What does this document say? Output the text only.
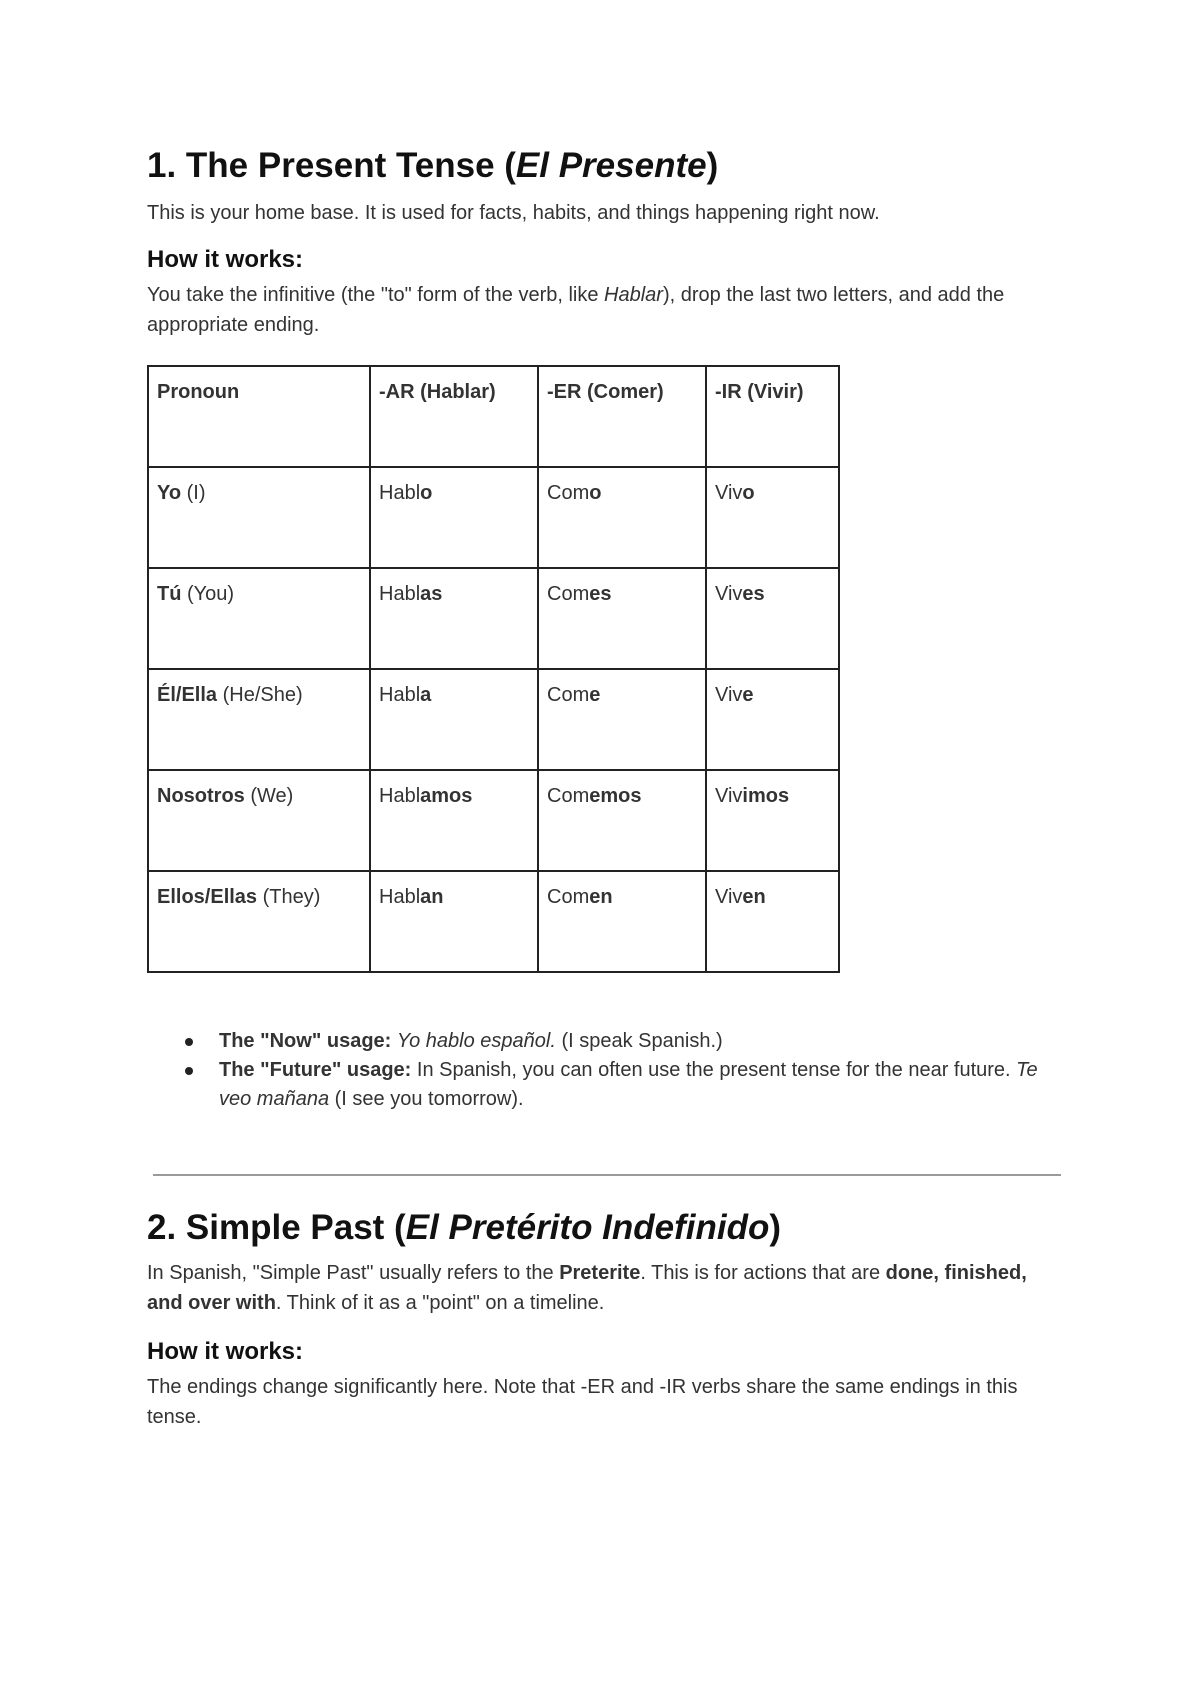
1. The Present Tense (El Presente)

This is your home base. It is used for facts, habits, and things happening right now.

How it works:

You take the infinitive (the "to" form of the verb, like Hablar), drop the last two letters, and add the appropriate ending.

Pronoun	-AR (Hablar)	-ER (Comer)	-IR (Vivir)
Yo (I)	Hablo	Como	Vivo
Tú (You)	Hablas	Comes	Vives
Él/Ella (He/She)	Habla	Come	Vive
Nosotros (We)	Hablamos	Comemos	Vivimos
Ellos/Ellas (They)	Hablan	Comen	Viven
The "Now" usage: Yo hablo español. (I speak Spanish.)
The "Future" usage: In Spanish, you can often use the present tense for the near future. Te veo mañana (I see you tomorrow).
2. Simple Past (El Pretérito Indefinido)

In Spanish, "Simple Past" usually refers to the Preterite. This is for actions that are done, finished, and over with. Think of it as a "point" on a timeline.

How it works:

The endings change significantly here. Note that -ER and -IR verbs share the same endings in this tense.
